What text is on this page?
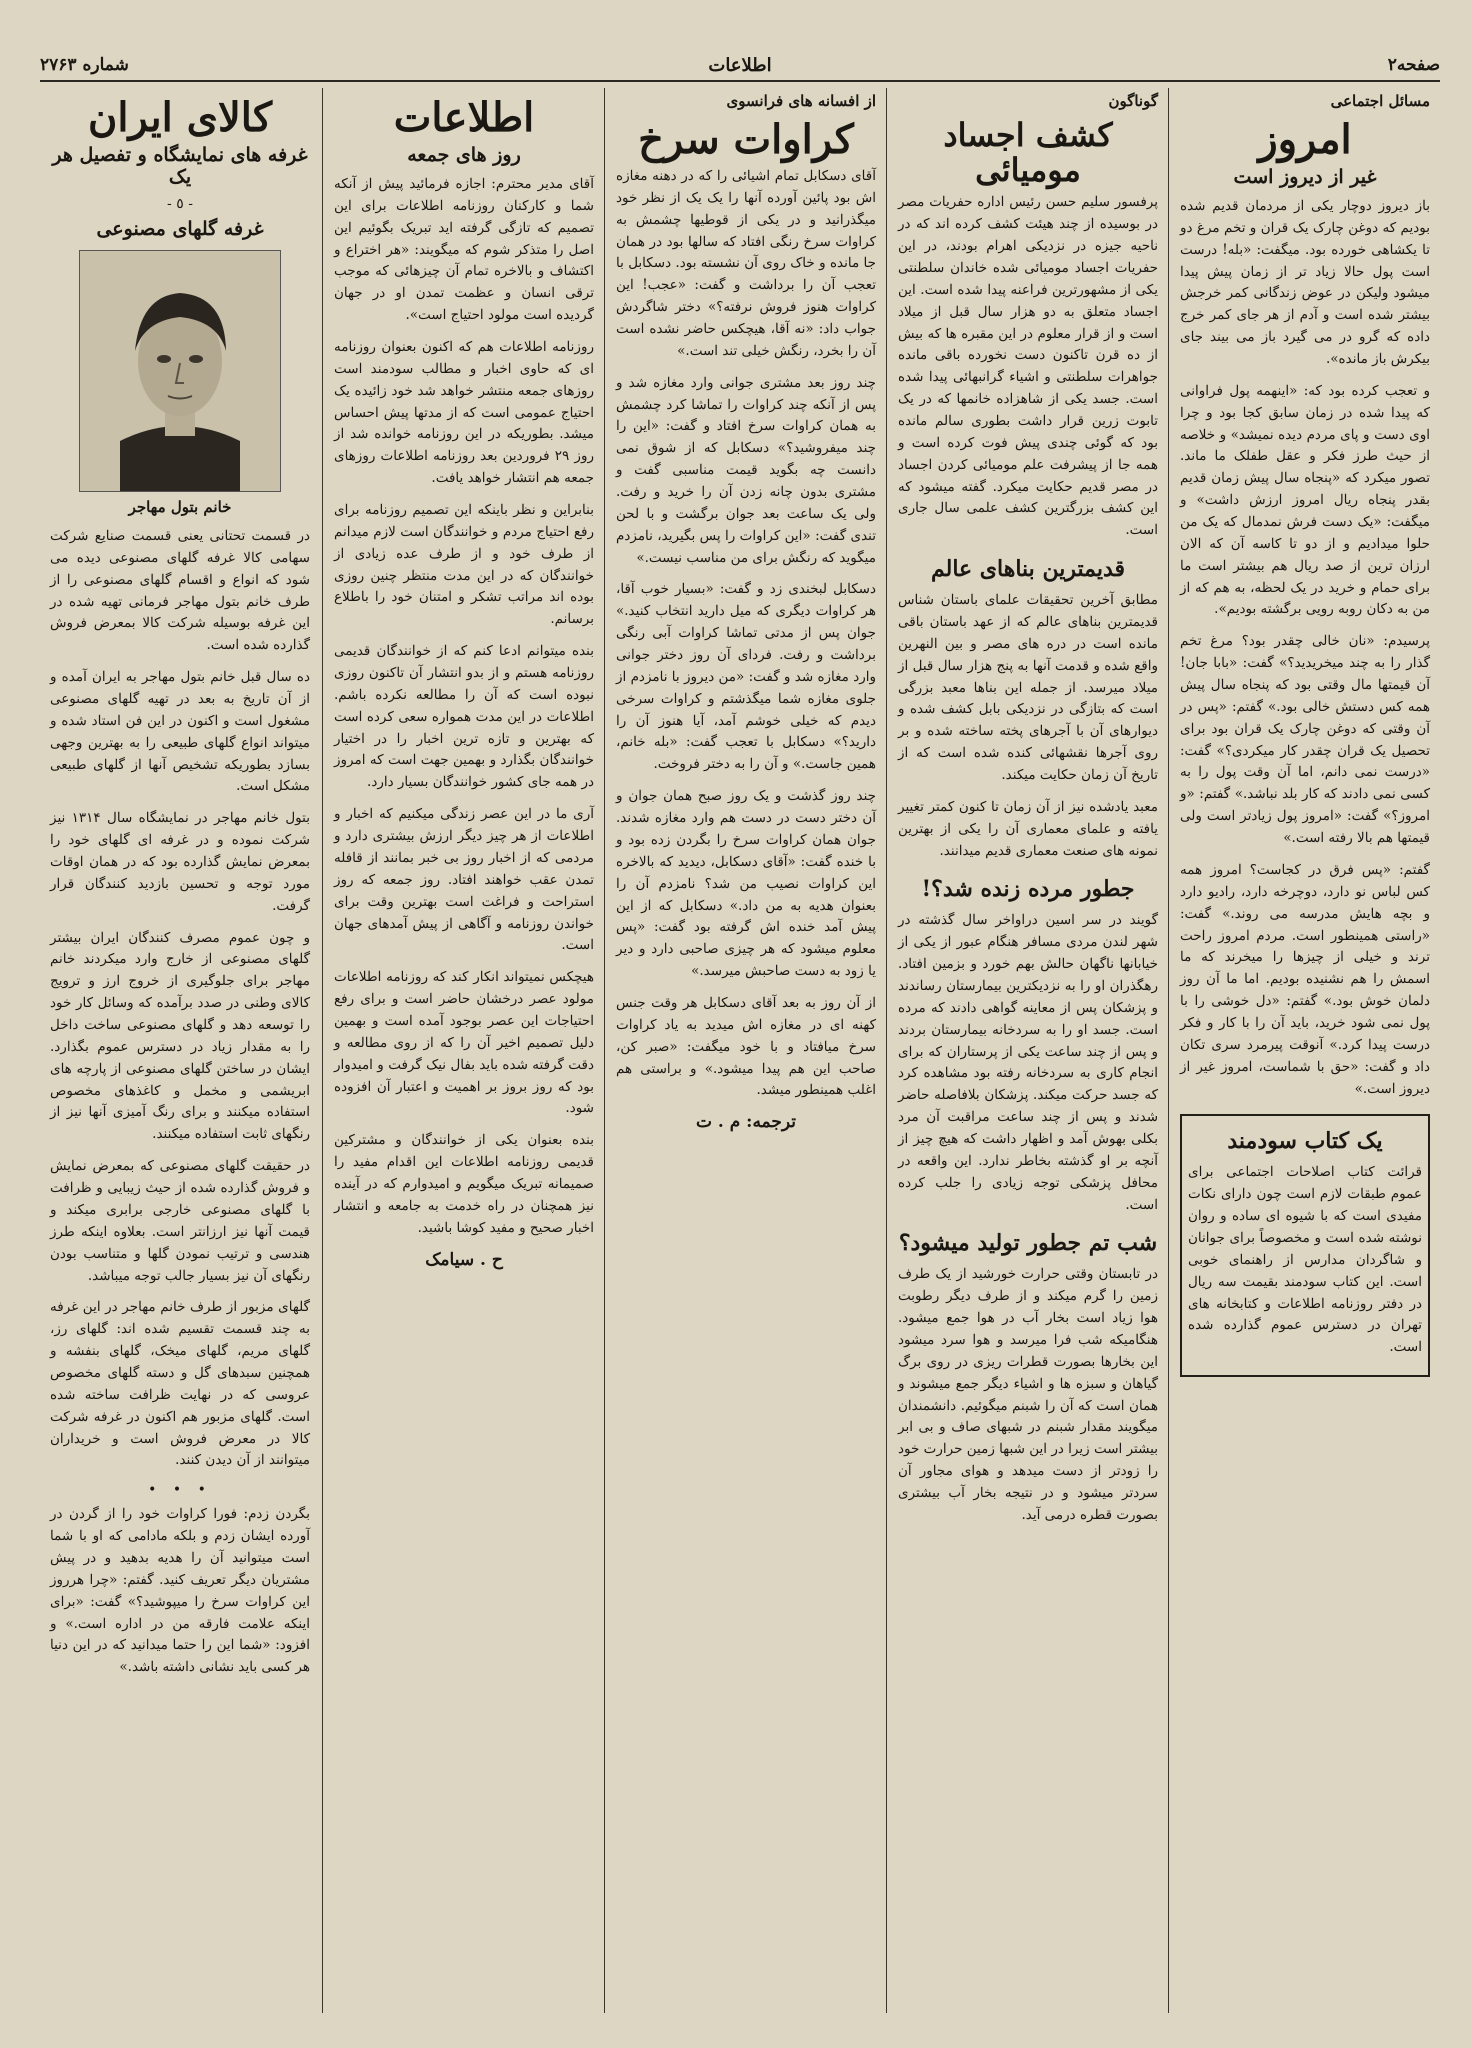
شماره ۲۷۶۳	اطلاعات	صفحه۲
مسائل اجتماعی
امروز
غیر از دیروز است

باز دیروز دوچار یکی از مردمان قدیم شده بودیم که دوغن چارک یک قران و تخم مرغ دو تا یکشاهی خورده بود. میگفت: «بله! درست است پول حالا زیاد تر از زمان پیش پیدا میشود ولیکن در عوض زندگانی کمر خرجش بیشتر شده است و آدم از هر جای کمر خرج داده که گرو در می گیرد باز می بیند جای بیکرش باز مانده».

و تعجب کرده بود که: «اینهمه پول فراوانی که پیدا شده در زمان سابق کجا بود و چرا اوی دست و پای مردم دیده نمیشد» و خلاصه از حیث طرز فکر و عقل طفلک ما ماند. تصور میکرد که «پنجاه سال پیش زمان قدیم بقدر پنجاه ریال امروز ارزش داشت» و میگفت: «یک دست فرش نمدمال که یک من حلوا میدادیم و از دو تا کاسه آن که الان ارزان ترین از صد ریال هم بیشتر است ما برای حمام و خرید در یک لحظه، به هم که از من به دکان روبه رویی برگشته بودیم».

پرسیدم: «نان خالی چقدر بود؟ مرغ تخم گذار را به چند میخریدید؟» گفت: «بابا جان! آن قیمتها مال وقتی بود که پنجاه سال پیش همه کس دستش خالی بود.» گفتم: «پس در آن وقتی که دوغن چارک یک قران بود برای تحصیل یک قران چقدر کار میکردی؟» گفت: «درست نمی دانم، اما آن وقت پول را به کسی نمی دادند که کار بلد نباشد.» گفتم: «و امروز؟» گفت: «امروز پول زیادتر است ولی قیمتها هم بالا رفته است.»

گفتم: «پس فرق در کجاست؟ امروز همه کس لباس نو دارد، دوچرخه دارد، رادیو دارد و بچه هایش مدرسه می روند.» گفت: «راستی همینطور است. مردم امروز راحت ترند و خیلی از چیزها را میخرند که ما اسمش را هم نشنیده بودیم. اما ما آن روز دلمان خوش بود.» گفتم: «دل خوشی را با پول نمی شود خرید، باید آن را با کار و فکر درست پیدا کرد.» آنوقت پیرمرد سری تکان داد و گفت: «حق با شماست، امروز غیر از دیروز است.»

یک کتاب سودمند

قرائت کتاب اصلاحات اجتماعی برای عموم طبقات لازم است چون دارای نکات مفیدی است که با شیوه ای ساده و روان نوشته شده است و مخصوصاً برای جوانان و شاگردان مدارس از راهنمای خوبی است. این کتاب سودمند بقیمت سه ریال در دفتر روزنامه اطلاعات و کتابخانه های تهران در دسترس عموم گذارده شده است.

گوناگون
کشف اجساد مومیائی

پرفسور سلیم حسن رئیس اداره حفریات مصر در بوسیده از چند هیئت کشف کرده اند که در ناحیه جیزه در نزدیکی اهرام بودند، در این حفریات اجساد مومیائی شده خاندان سلطنتی یکی از مشهورترین فراعنه پیدا شده است. این اجساد متعلق به دو هزار سال قبل از میلاد است و از قرار معلوم در این مقبره ها که بیش از ده قرن تاکنون دست نخورده باقی مانده جواهرات سلطنتی و اشیاء گرانبهائی پیدا شده است. جسد یکی از شاهزاده خانمها که در یک تابوت زرین قرار داشت بطوری سالم مانده بود که گوئی چندی پیش فوت کرده است و همه جا از پیشرفت علم مومیائی کردن اجساد در مصر قدیم حکایت میکرد. گفته میشود که این کشف بزرگترین کشف علمی سال جاری است.

قدیمترین بناهای عالم

مطابق آخرین تحقیقات علمای باستان شناس قدیمترین بناهای عالم که از عهد باستان باقی مانده است در دره های مصر و بین النهرین واقع شده و قدمت آنها به پنج هزار سال قبل از میلاد میرسد. از جمله این بناها معبد بزرگی است که بتازگی در نزدیکی بابل کشف شده و دیوارهای آن با آجرهای پخته ساخته شده و بر روی آجرها نقشهائی کنده شده است که از تاریخ آن زمان حکایت میکند.

معبد یادشده نیز از آن زمان تا کنون کمتر تغییر یافته و علمای معماری آن را یکی از بهترین نمونه های صنعت معماری قدیم میدانند.

جطور مرده زنده شد؟!

گویند در سر اسین دراواخر سال گذشته در شهر لندن مردی مسافر هنگام عبور از یکی از خیابانها ناگهان حالش بهم خورد و بزمین افتاد. رهگذران او را به نزدیکترین بیمارستان رساندند و پزشکان پس از معاینه گواهی دادند که مرده است. جسد او را به سردخانه بیمارستان بردند و پس از چند ساعت یکی از پرستاران که برای انجام کاری به سردخانه رفته بود مشاهده کرد که جسد حرکت میکند. پزشکان بلافاصله حاضر شدند و پس از چند ساعت مراقبت آن مرد بکلی بهوش آمد و اظهار داشت که هیچ چیز از آنچه بر او گذشته بخاطر ندارد. این واقعه در محافل پزشکی توجه زیادی را جلب کرده است.

شب تم جطور تولید میشود؟

در تابستان وقتی حرارت خورشید از یک طرف زمین را گرم میکند و از طرف دیگر رطوبت هوا زیاد است بخار آب در هوا جمع میشود. هنگامیکه شب فرا میرسد و هوا سرد میشود این بخارها بصورت قطرات ریزی در روی برگ گیاهان و سبزه ها و اشیاء دیگر جمع میشوند و همان است که آن را شبنم میگوئیم. دانشمندان میگویند مقدار شبنم در شبهای صاف و بی ابر بیشتر است زیرا در این شبها زمین حرارت خود را زودتر از دست میدهد و هوای مجاور آن سردتر میشود و در نتیجه بخار آب بیشتری بصورت قطره درمی آید.

از افسانه های فرانسوی
کراوات سرخ

آقای دسکابل تمام اشیائی را که در دهنه مغازه اش بود پائین آورده آنها را یک یک از نظر خود میگذرانید و در یکی از قوطیها چشمش به کراوات سرخ رنگی افتاد که سالها بود در همان جا مانده و خاک روی آن نشسته بود. دسکابل با تعجب آن را برداشت و گفت: «عجب! این کراوات هنوز فروش نرفته؟» دختر شاگردش جواب داد: «نه آقا، هیچکس حاضر نشده است آن را بخرد، رنگش خیلی تند است.»

چند روز بعد مشتری جوانی وارد مغازه شد و پس از آنکه چند کراوات را تماشا کرد چشمش به همان کراوات سرخ افتاد و گفت: «این را چند میفروشید؟» دسکابل که از شوق نمی دانست چه بگوید قیمت مناسبی گفت و مشتری بدون چانه زدن آن را خرید و رفت. ولی یک ساعت بعد جوان برگشت و با لحن تندی گفت: «این کراوات را پس بگیرید، نامزدم میگوید که رنگش برای من مناسب نیست.»

دسکابل لبخندی زد و گفت: «بسیار خوب آقا، هر کراوات دیگری که میل دارید انتخاب کنید.» جوان پس از مدتی تماشا کراوات آبی رنگی برداشت و رفت. فردای آن روز دختر جوانی وارد مغازه شد و گفت: «من دیروز با نامزدم از جلوی مغازه شما میگذشتم و کراوات سرخی دیدم که خیلی خوشم آمد، آیا هنوز آن را دارید؟» دسکابل با تعجب گفت: «بله خانم، همین جاست.» و آن را به دختر فروخت.

چند روز گذشت و یک روز صبح همان جوان و آن دختر دست در دست هم وارد مغازه شدند. جوان همان کراوات سرخ را بگردن زده بود و با خنده گفت: «آقای دسکابل، دیدید که بالاخره این کراوات نصیب من شد؟ نامزدم آن را بعنوان هدیه به من داد.» دسکابل که از این پیش آمد خنده اش گرفته بود گفت: «پس معلوم میشود که هر چیزی صاحبی دارد و دیر یا زود به دست صاحبش میرسد.»

از آن روز به بعد آقای دسکابل هر وقت جنس کهنه ای در مغازه اش میدید به یاد کراوات سرخ میافتاد و با خود میگفت: «صبر کن، صاحب این هم پیدا میشود.» و براستی هم اغلب همینطور میشد.

ترجمه: م . ت
اطلاعات
روز های جمعه

آقای مدیر محترم: اجازه فرمائید پیش از آنکه شما و کارکنان روزنامه اطلاعات برای این تصمیم که تازگی گرفته اید تبریک بگوئیم این اصل را متذکر شوم که میگویند: «هر اختراع و اکتشاف و بالاخره تمام آن چیزهائی که موجب ترقی انسان و عظمت تمدن او در جهان گردیده است مولود احتیاج است».

روزنامه اطلاعات هم که اکنون بعنوان روزنامه ای که حاوی اخبار و مطالب سودمند است روزهای جمعه منتشر خواهد شد خود زائیده یک احتیاج عمومی است که از مدتها پیش احساس میشد. بطوریکه در این روزنامه خوانده شد از روز ۲۹ فروردین بعد روزنامه اطلاعات روزهای جمعه هم انتشار خواهد یافت.

بنابراین و نظر باینکه این تصمیم روزنامه برای رفع احتیاج مردم و خوانندگان است لازم میدانم از طرف خود و از طرف عده زیادی از خوانندگان که در این مدت منتظر چنین روزی بوده اند مراتب تشکر و امتنان خود را باطلاع برسانم.

بنده میتوانم ادعا کنم که از خوانندگان قدیمی روزنامه هستم و از بدو انتشار آن تاکنون روزی نبوده است که آن را مطالعه نکرده باشم. اطلاعات در این مدت همواره سعی کرده است که بهترین و تازه ترین اخبار را در اختیار خوانندگان بگذارد و بهمین جهت است که امروز در همه جای کشور خوانندگان بسیار دارد.

آری ما در این عصر زندگی میکنیم که اخبار و اطلاعات از هر چیز دیگر ارزش بیشتری دارد و مردمی که از اخبار روز بی خبر بمانند از قافله تمدن عقب خواهند افتاد. روز جمعه که روز استراحت و فراغت است بهترین وقت برای خواندن روزنامه و آگاهی از پیش آمدهای جهان است.

هیچکس نمیتواند انکار کند که روزنامه اطلاعات مولود عصر درخشان حاضر است و برای رفع احتیاجات این عصر بوجود آمده است و بهمین دلیل تصمیم اخیر آن را که از روی مطالعه و دقت گرفته شده باید بفال نیک گرفت و امیدوار بود که روز بروز بر اهمیت و اعتبار آن افزوده شود.

بنده بعنوان یکی از خوانندگان و مشترکین قدیمی روزنامه اطلاعات این اقدام مفید را صمیمانه تبریک میگویم و امیدوارم که در آینده نیز همچنان در راه خدمت به جامعه و انتشار اخبار صحیح و مفید کوشا باشید.

ح . سیامک
کالای ایران
غرفه های نمایشگاه و تفصیل هر یک
- ٥ -
غرفه گلهای مصنوعی
خانم بتول مهاجر

در قسمت تحتانی یعنی قسمت صنایع شرکت سهامی کالا غرفه گلهای مصنوعی دیده می شود که انواع و اقسام گلهای مصنوعی را از طرف خانم بتول مهاجر فرمانی تهیه شده در این غرفه بوسیله شرکت کالا بمعرض فروش گذارده شده است.

ده سال قبل خانم بتول مهاجر به ایران آمده و از آن تاریخ به بعد در تهیه گلهای مصنوعی مشغول است و اکنون در این فن استاد شده و میتواند انواع گلهای طبیعی را به بهترین وجهی بسازد بطوریکه تشخیص آنها از گلهای طبیعی مشکل است.

بتول خانم مهاجر در نمایشگاه سال ۱۳۱۴ نیز شرکت نموده و در غرفه ای گلهای خود را بمعرض نمایش گذارده بود که در همان اوقات مورد توجه و تحسین بازدید کنندگان قرار گرفت.

و چون عموم مصرف کنندگان ایران بیشتر گلهای مصنوعی از خارج وارد میکردند خانم مهاجر برای جلوگیری از خروج ارز و ترویج کالای وطنی در صدد برآمده که وسائل کار خود را توسعه دهد و گلهای مصنوعی ساخت داخل را به مقدار زیاد در دسترس عموم بگذارد. ایشان در ساختن گلهای مصنوعی از پارچه های ابریشمی و مخمل و کاغذهای مخصوص استفاده میکنند و برای رنگ آمیزی آنها نیز از رنگهای ثابت استفاده میکنند.

در حقیقت گلهای مصنوعی که بمعرض نمایش و فروش گذارده شده از حیث زیبایی و ظرافت با گلهای مصنوعی خارجی برابری میکند و قیمت آنها نیز ارزانتر است. بعلاوه اینکه طرز هندسی و ترتیب نمودن گلها و متناسب بودن رنگهای آن نیز بسیار جالب توجه میباشد.

گلهای مزبور از طرف خانم مهاجر در این غرفه به چند قسمت تقسیم شده اند: گلهای رز، گلهای مریم، گلهای میخک، گلهای بنفشه و همچنین سبدهای گل و دسته گلهای مخصوص عروسی که در نهایت ظرافت ساخته شده است. گلهای مزبور هم اکنون در غرفه شرکت کالا در معرض فروش است و خریداران میتوانند از آن دیدن کنند.

• • •

بگردن زدم: فورا کراوات خود را از گردن در آورده ایشان زدم و بلکه مادامی که او با شما است میتوانید آن را هدیه بدهید و در پیش مشتریان دیگر تعریف کنید. گفتم: «چرا هرروز این کراوات سرخ را میپوشید؟» گفت: «برای اینکه علامت فارقه من در اداره است.» و افزود: «شما این را حتما میدانید که در این دنیا هر کسی باید نشانی داشته باشد.»
